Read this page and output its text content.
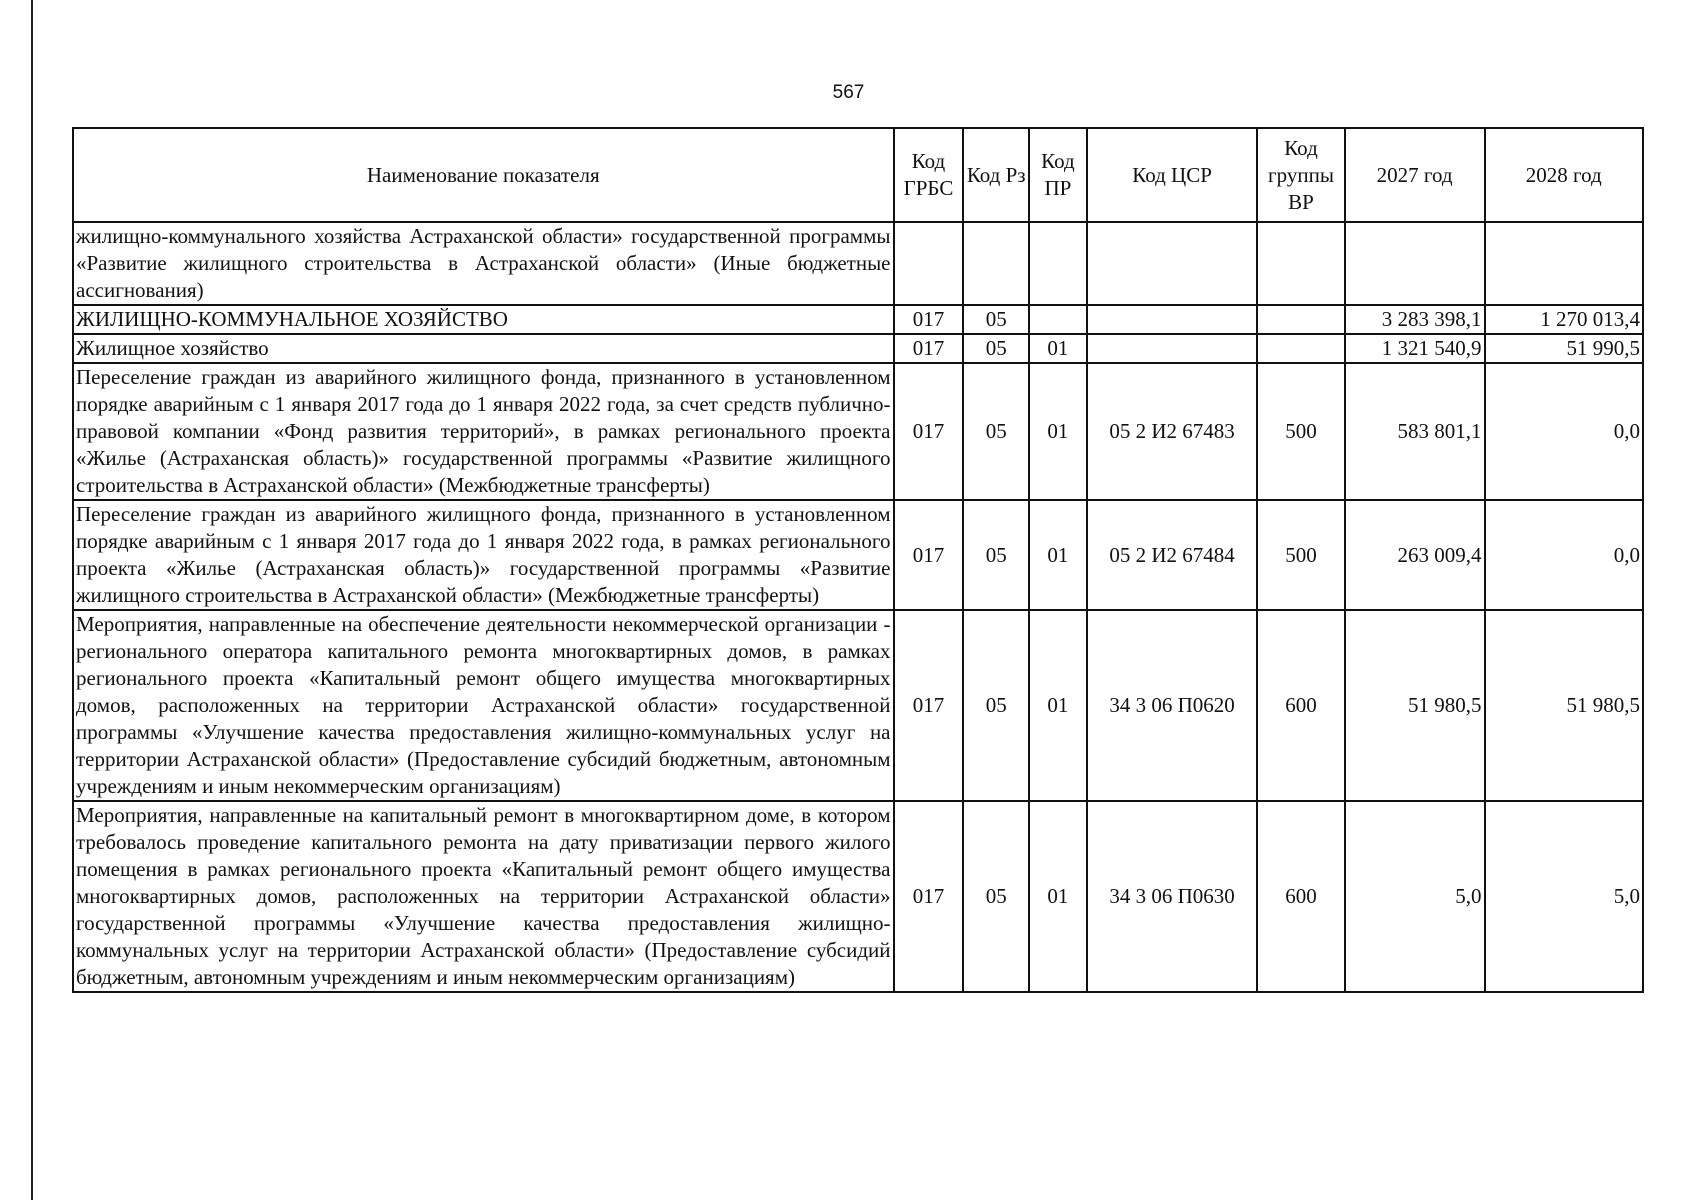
567
Наименование показателя	Код ГРБС	Код Рз	Код ПР	Код ЦСР	Код группы ВР	2027 год	2028 год
жилищно-коммунального хозяйства Астраханской области» государственной программы «Развитие жилищного строительства в Астраханской области» (Иные бюджетные ассигнования)							
ЖИЛИЩНО-КОММУНАЛЬНОЕ ХОЗЯЙСТВО	017	05				3 283 398,1	1 270 013,4
Жилищное хозяйство	017	05	01			1 321 540,9	51 990,5
Переселение граждан из аварийного жилищного фонда, признанного в установленном порядке аварийным с 1 января 2017 года до 1 января 2022 года, за счет средств публично-правовой компании «Фонд развития территорий», в рамках регионального проекта «Жилье (Астраханская область)» государственной программы «Развитие жилищного строительства в Астраханской области» (Межбюджетные трансферты)	017	05	01	05 2 И2 67483	500	583 801,1	0,0
Переселение граждан из аварийного жилищного фонда, признанного в установленном порядке аварийным с 1 января 2017 года до 1 января 2022 года, в рамках регионального проекта «Жилье (Астраханская область)» государственной программы «Развитие жилищного строительства в Астраханской области» (Межбюджетные трансферты)	017	05	01	05 2 И2 67484	500	263 009,4	0,0
Мероприятия, направленные на обеспечение деятельности некоммерческой организации - регионального оператора капитального ремонта многоквартирных домов, в рамках регионального проекта «Капитальный ремонт общего имущества многоквартирных домов, расположенных на территории Астраханской области» государственной программы «Улучшение качества предоставления жилищно-коммунальных услуг на территории Астраханской области» (Предоставление субсидий бюджетным, автономным учреждениям и иным некоммерческим организациям)	017	05	01	34 3 06 П0620	600	51 980,5	51 980,5
Мероприятия, направленные на капитальный ремонт в многоквартирном доме, в котором требовалось проведение капитального ремонта на дату приватизации первого жилого помещения в рамках регионального проекта «Капитальный ремонт общего имущества многоквартирных домов, расположенных на территории Астраханской области» государственной программы «Улучшение качества предоставления жилищно-коммунальных услуг на территории Астраханской области» (Предоставление субсидий бюджетным, автономным учреждениям и иным некоммерческим организациям)	017	05	01	34 3 06 П0630	600	5,0	5,0
